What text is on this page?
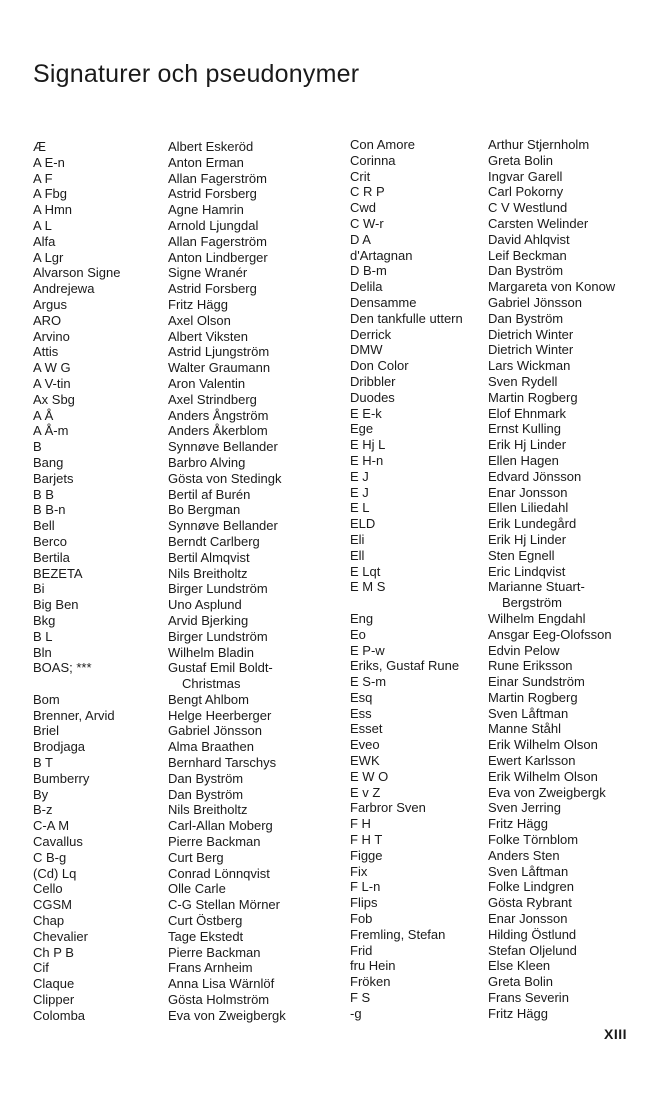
Signaturer och pseudonymer
Æ
A E-n
A F
A Fbg
A Hmn
A L
Alfa
A Lgr
Alvarson Signe
Andrejewa
Argus
ARO
Arvino
Attis
A W G
A V-tin
Ax Sbg
A Å
A Å-m
B
Bang
Barjets
B B
B B-n
Bell
Berco
Bertila
BEZETA
Bi
Big Ben
Bkg
B L
Bln
BOAS; ***
Bom
Brenner, Arvid
Briel
Brodjaga
B T
Bumberry
By
B-z
C-A M
Cavallus
C B-g
(Cd) Lq
Cello
CGSM
Chap
Chevalier
Ch P B
Cif
Claque
Clipper
Colomba
Albert Eskeröd
Anton Erman
Allan Fagerström
Astrid Forsberg
Agne Hamrin
Arnold Ljungdal
Allan Fagerström
Anton Lindberger
Signe Wranér
Astrid Forsberg
Fritz Hägg
Axel Olson
Albert Viksten
Astrid Ljungström
Walter Graumann
Aron Valentin
Axel Strindberg
Anders Ångström
Anders Åkerblom
Synnøve Bellander
Barbro Alving
Gösta von Stedingk
Bertil af Burén
Bo Bergman
Synnøve Bellander
Berndt Carlberg
Bertil Almqvist
Nils Breitholtz
Birger Lundström
Uno Asplund
Arvid Bjerking
Birger Lundström
Wilhelm Bladin
Gustaf Emil Boldt-
Christmas
Bengt Ahlbom
Helge Heerberger
Gabriel Jönsson
Alma Braathen
Bernhard Tarschys
Dan Byström
Dan Byström
Nils Breitholtz
Carl-Allan Moberg
Pierre Backman
Curt Berg
Conrad Lönnqvist
Olle Carle
C-G Stellan Mörner
Curt Östberg
Tage Ekstedt
Pierre Backman
Frans Arnheim
Anna Lisa Wärnlöf
Gösta Holmström
Eva von Zweigbergk
Con Amore
Corinna
Crit
C R P
Cwd
C W-r
D A
d'Artagnan
D B-m
Delila
Densamme
Den tankfulle uttern
Derrick
DMW
Don Color
Dribbler
Duodes
E E-k
Ege
E Hj L
E H-n
E J
E J
E L
ELD
Eli
Ell
E Lqt
E M S
Eng
Eo
E P-w
Eriks, Gustaf Rune
E S-m
Esq
Ess
Esset
Eveo
EWK
E W O
E v Z
Farbror Sven
F H
F H T
Figge
Fix
F L-n
Flips
Fob
Fremling, Stefan
Frid
fru Hein
Fröken
F S
-g
Arthur Stjernholm
Greta Bolin
Ingvar Garell
Carl Pokorny
C V Westlund
Carsten Welinder
David Ahlqvist
Leif Beckman
Dan Byström
Margareta von Konow
Gabriel Jönsson
Dan Byström
Dietrich Winter
Dietrich Winter
Lars Wickman
Sven Rydell
Martin Rogberg
Elof Ehnmark
Ernst Kulling
Erik Hj Linder
Ellen Hagen
Edvard Jönsson
Enar Jonsson
Ellen Liliedahl
Erik Lundegård
Erik Hj Linder
Sten Egnell
Eric Lindqvist
Marianne Stuart-
Bergström
Wilhelm Engdahl
Ansgar Eeg-Olofsson
Edvin Pelow
Rune Eriksson
Einar Sundström
Martin Rogberg
Sven Låftman
Manne Ståhl
Erik Wilhelm Olson
Ewert Karlsson
Erik Wilhelm Olson
Eva von Zweigbergk
Sven Jerring
Fritz Hägg
Folke Törnblom
Anders Sten
Sven Låftman
Folke Lindgren
Gösta Rybrant
Enar Jonsson
Hilding Östlund
Stefan Oljelund
Else Kleen
Greta Bolin
Frans Severin
Fritz Hägg
XIII
